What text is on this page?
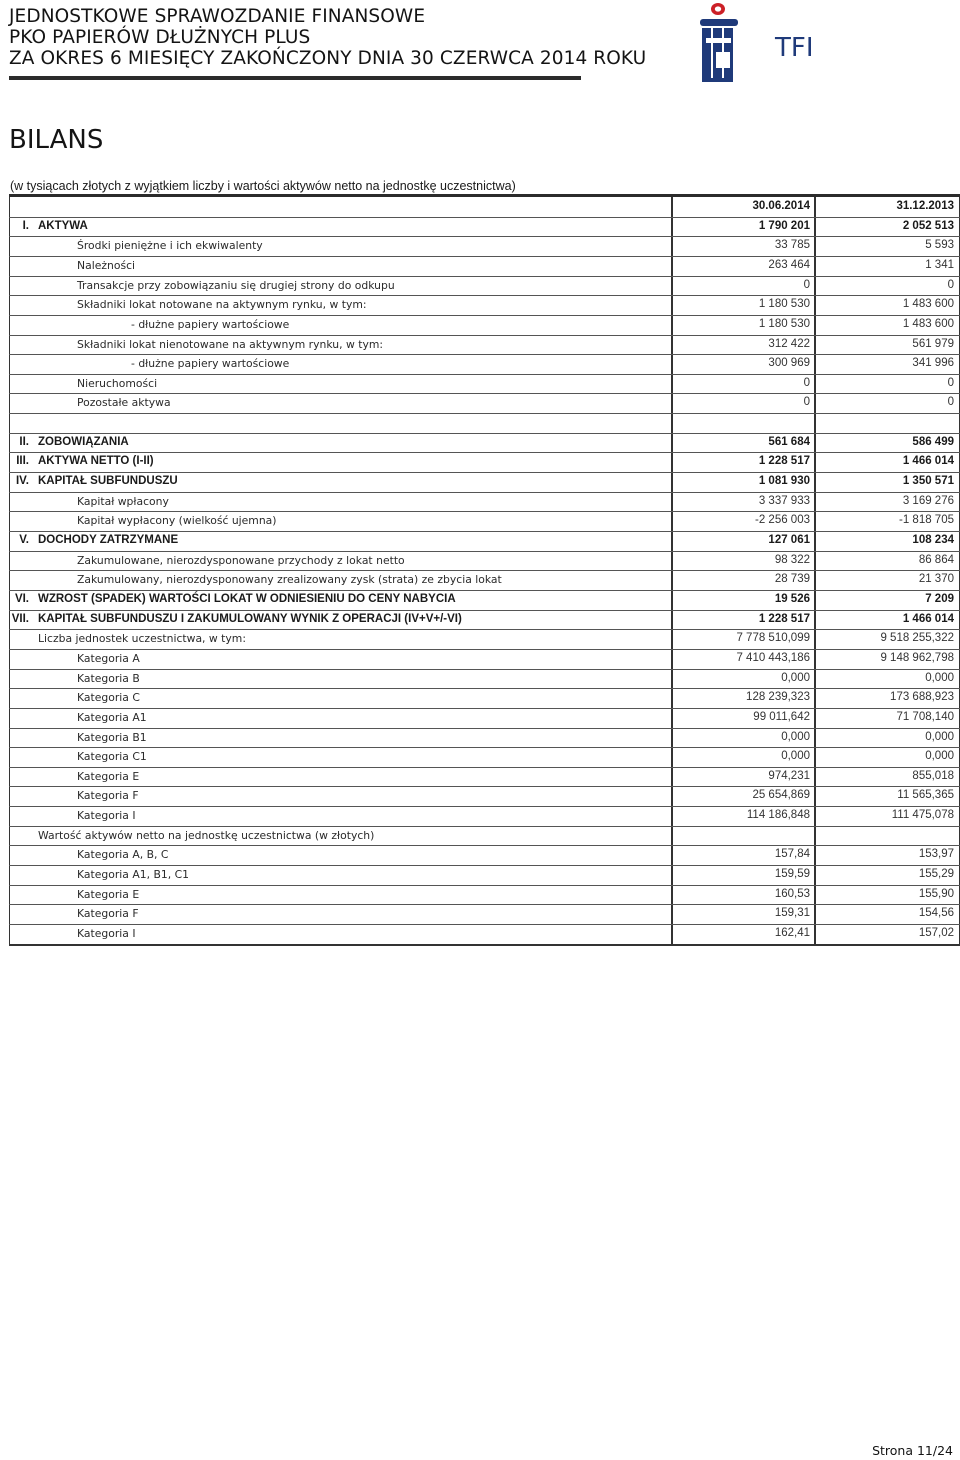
JEDNOSTKOWE SPRAWOZDANIE FINANSOWE
PKO PAPIERÓW DŁUŻNYCH PLUS
ZA OKRES 6 MIESIĘCY ZAKOŃCZONY DNIA 30 CZERWCA 2014 ROKU	TFI
BILANS
(w tysiącach złotych z wyjątkiem liczby i wartości aktywów netto na jednostkę uczestnictwa)
30.06.2014	31.12.2013
I. AKTYWA	1 790 201	2 052 513
Środki pieniężne i ich ekwiwalenty	33 785	5 593
Należności	263 464	1 341
Transakcje przy zobowiązaniu się drugiej strony do odkupu	0	0
Składniki lokat notowane na aktywnym rynku, w tym:	1 180 530	1 483 600
- dłużne papiery wartościowe	1 180 530	1 483 600
Składniki lokat nienotowane na aktywnym rynku, w tym:	312 422	561 979
- dłużne papiery wartościowe	300 969	341 996
Nieruchomości	0	0
Pozostałe aktywa	0	0
II. ZOBOWIĄZANIA	561 684	586 499
III. AKTYWA NETTO (I-II)	1 228 517	1 466 014
IV. KAPITAŁ SUBFUNDUSZU	1 081 930	1 350 571
Kapitał wpłacony	3 337 933	3 169 276
Kapitał wypłacony (wielkość ujemna)	-2 256 003	-1 818 705
V. DOCHODY ZATRZYMANE	127 061	108 234
Zakumulowane, nierozdysponowane przychody z lokat netto	98 322	86 864
Zakumulowany, nierozdysponowany zrealizowany zysk (strata) ze zbycia lokat	28 739	21 370
VI. WZROST (SPADEK) WARTOŚCI LOKAT W ODNIESIENIU DO CENY NABYCIA	19 526	7 209
VII. KAPITAŁ SUBFUNDUSZU I ZAKUMULOWANY WYNIK Z OPERACJI (IV+V+/-VI)	1 228 517	1 466 014
Liczba jednostek uczestnictwa, w tym:	7 778 510,099	9 518 255,322
Kategoria A	7 410 443,186	9 148 962,798
Kategoria B	0,000	0,000
Kategoria C	128 239,323	173 688,923
Kategoria A1	99 011,642	71 708,140
Kategoria B1	0,000	0,000
Kategoria C1	0,000	0,000
Kategoria E	974,231	855,018
Kategoria F	25 654,869	11 565,365
Kategoria I	114 186,848	111 475,078
Wartość aktywów netto na jednostkę uczestnictwa (w złotych)
Kategoria A, B, C	157,84	153,97
Kategoria A1, B1, C1	159,59	155,29
Kategoria E	160,53	155,90
Kategoria F	159,31	154,56
Kategoria I	162,41	157,02
Strona 11/24
